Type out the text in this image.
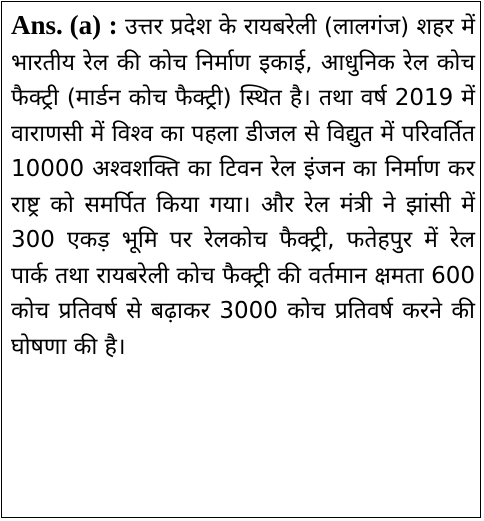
Ans. (a) : उत्तर प्रदेश के रायबरेली (लालगंज) शहर में भारतीय रेल की कोच निर्माण इकाई, आधुनिक रेल कोच फैक्ट्री (मार्डन कोच फैक्ट्री) स्थित है। तथा वर्ष 2019 में वाराणसी में विश्व का पहला डीजल से विद्युत में परिवर्तित 10000 अश्वशक्ति का टिवन रेल इंजन का निर्माण कर राष्ट्र को समर्पित किया गया। और रेल मंत्री ने झांसी में 300 एकड़ भूमि पर रेलकोच फैक्ट्री, फतेहपुर में रेल पार्क तथा रायबरेली कोच फैक्ट्री की वर्तमान क्षमता 600 कोच प्रतिवर्ष से बढ़ाकर 3000 कोच प्रतिवर्ष करने की घोषणा की है।
